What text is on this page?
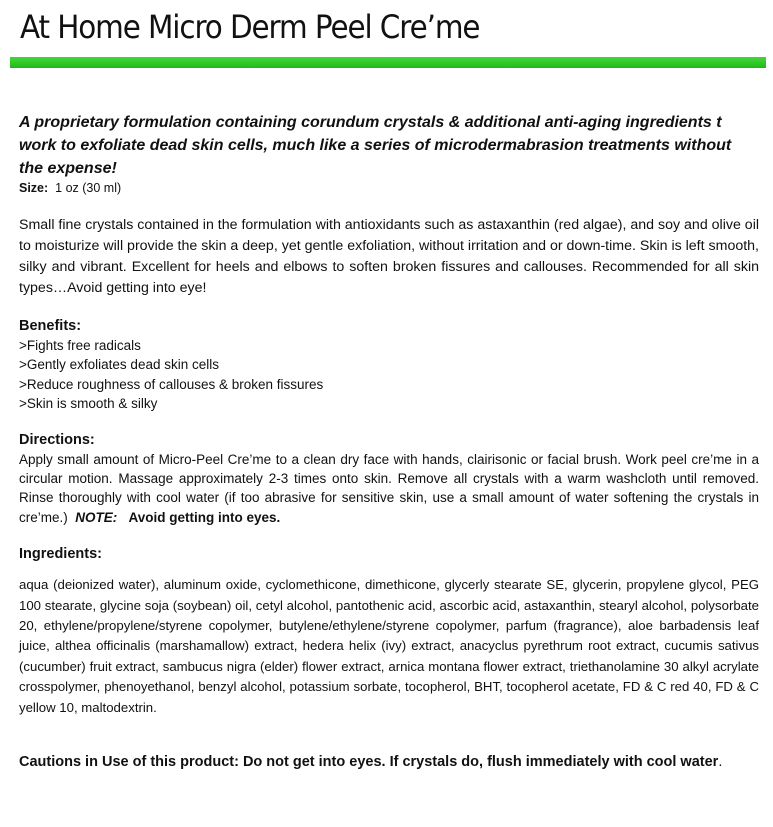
At Home Micro Derm Peel Cre’me

A proprietary formulation containing corundum crystals & additional anti-aging ingredients t work to exfoliate dead skin cells, much like a series of microdermabrasion treatments without the expense!

Size: 1 oz (30 ml)

Small fine crystals contained in the formulation with antioxidants such as astaxanthin (red algae), and soy and olive oil to moisturize will provide the skin a deep, yet gentle exfoliation, without irritation and or down-time. Skin is left smooth, silky and vibrant. Excellent for heels and elbows to soften broken fissures and callouses. Recommended for all skin types…Avoid getting into eye!

Benefits:

>Fights free radicals
>Gently exfoliates dead skin cells
>Reduce roughness of callouses & broken fissures
>Skin is smooth & silky

Directions:

Apply small amount of Micro-Peel Cre’me to a clean dry face with hands, clairisonic or facial brush. Work peel cre’me in a circular motion. Massage approximately 2-3 times onto skin. Remove all crystals with a warm washcloth until removed. Rinse thoroughly with cool water (if too abrasive for sensitive skin, use a small amount of water softening the crystals in cre’me.) NOTE: Avoid getting into eyes.

Ingredients:

aqua (deionized water), aluminum oxide, cyclomethicone, dimethicone, glycerly stearate SE, glycerin, propylene glycol, PEG 100 stearate, glycine soja (soybean) oil, cetyl alcohol, pantothenic acid, ascorbic acid, astaxanthin, stearyl alcohol, polysorbate 20, ethylene/propylene/styrene copolymer, butylene/ethylene/styrene copolymer, parfum (fragrance), aloe barbadensis leaf juice, althea officinalis (marshamallow) extract, hedera helix (ivy) extract, anacyclus pyrethrum root extract, cucumis sativus (cucumber) fruit extract, sambucus nigra (elder) flower extract, arnica montana flower extract, triethanolamine 30 alkyl acrylate crosspolymer, phenoyethanol, benzyl alcohol, potassium sorbate, tocopherol, BHT, tocopherol acetate, FD & C red 40, FD & C yellow 10, maltodextrin.

Cautions in Use of this product: Do not get into eyes. If crystals do, flush immediately with cool water.
